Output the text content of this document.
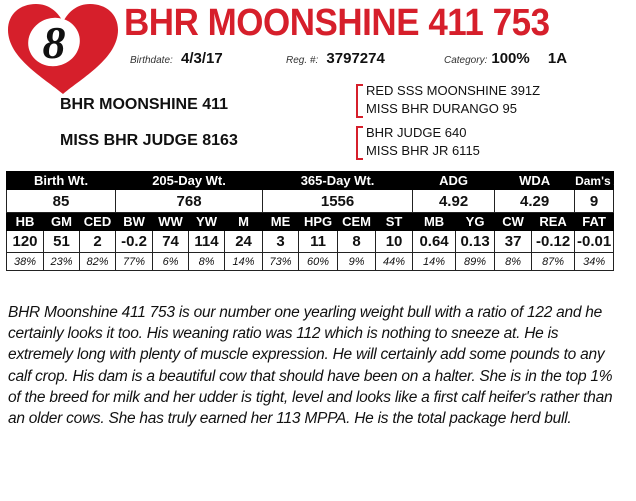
8 BHR MOONSHINE 411 753
Birthdate: 4/3/17	Reg. #: 3797274	Category: 100% 1A
BHR MOONSHINE 411
MISS BHR JUDGE 8163
RED SSS MOONSHINE 391Z
MISS BHR DURANGO 95
BHR JUDGE 640
MISS BHR JR 6115
Birth Wt.			205-Day Wt.				365-Day Wt.				ADG		WDA		Dam's Age
85			768				1556				4.92		4.29		9
HB	GM	CED	BW	WW	YW	M	ME	HPG	CEM	ST	MB	YG	CW	REA	FAT
120	51	2	-0.2	74	114	24	3	11	8	10	0.64	0.13	37	-0.12	-0.01
38%	23%	82%	77%	6%	8%	14%	73%	60%	9%	44%	14%	89%	8%	87%	34%

BHR Moonshine 411 753 is our number one yearling weight bull with a ratio of 122 and he certainly looks it too. His weaning ratio was 112 which is nothing to sneeze at. He is extremely long with plenty of muscle expression. He will certainly add some pounds to any calf crop. His dam is a beautiful cow that should have been on a halter. She is in the top 1% of the breed for milk and her udder is tight, level and looks like a first calf heifer's rather than an older cows. She has truly earned her 113 MPPA. He is the total package herd bull.
